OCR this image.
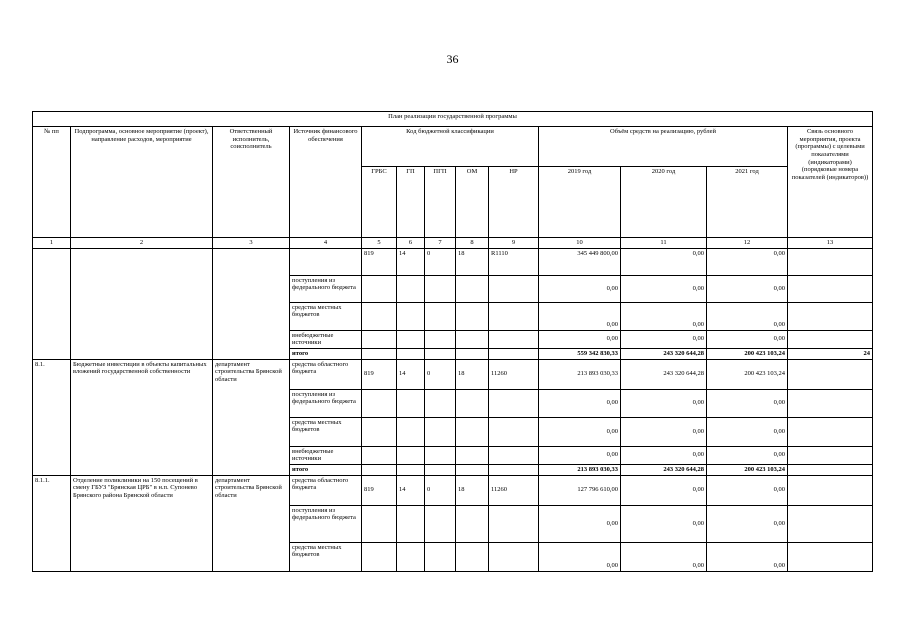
36
План реализации государственной программы												
№ пп	Подпрограмма, основное мероприятие (проект), направление расходов, мероприятие	Ответственный исполнитель, соисполнитель	Источник финансового обеспечения	Код бюджетной классификации					Объём средств на реализацию, рублей			Связь основного мероприятия, проекта (программы) с целевыми показателями (индикаторами) (порядковые номера показателей (индикаторов))
				ГРБС	ГП	ПГП	ОМ	НР	2019 год	2020 год	2021 год	
1	2	3	4	5	6	7	8	9	10	11	12	13
				819	14	0	18	R1110	345 449 800,00	0,00	0,00	
			поступления из федерального бюджета						0,00	0,00	0,00	
			средства местных бюджетов						0,00	0,00	0,00	
			внебюджетные источники						0,00	0,00	0,00	
			итого						559 342 830,33	243 320 644,28	200 423 103,24	24
8.1.	Бюджетные инвестиции в объекты капитальных вложений государственной собственности	департамент строительства Брянской области	средства областного бюджета	819	14	0	18	11260	213 893 030,33	243 320 644,28	200 423 103,24	
			поступления из федерального бюджета						0,00	0,00	0,00	
			средства местных бюджетов						0,00	0,00	0,00	
			внебюджетные источники						0,00	0,00	0,00	
			итого						213 893 030,33	243 320 644,28	200 423 103,24	
8.1.1.	Отделение поликлиники на 150 посещений в смену ГБУЗ "Брянская ЦРБ" в н.п. Супонево Брянского района Брянской области	департамент строительства Брянской области	средства областного бюджета	819	14	0	18	11260	127 796 610,00	0,00	0,00	
			поступления из федерального бюджета						0,00	0,00	0,00	
			средства местных бюджетов						0,00	0,00	0,00	
